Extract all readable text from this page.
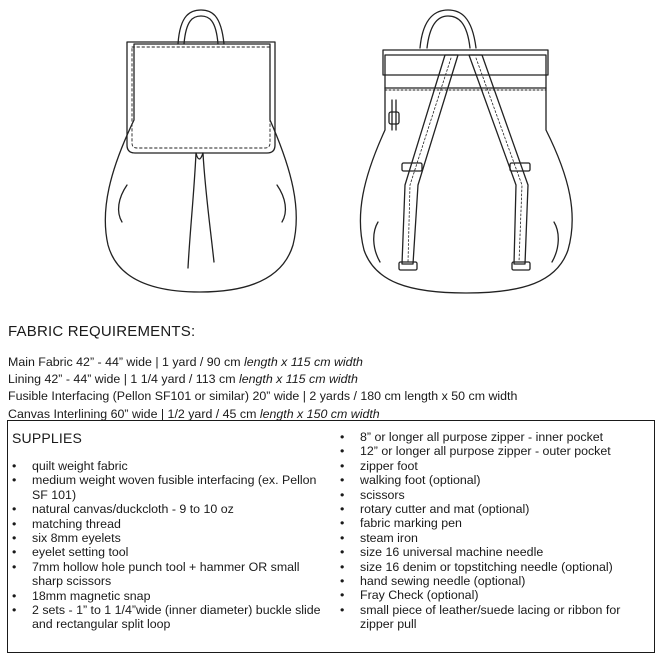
FABRIC REQUIREMENTS:
Main Fabric 42” - 44” wide | 1 yard / 90 cm length x 115 cm width
Lining 42” - 44” wide | 1 1/4 yard / 113 cm length x 115 cm width
Fusible Interfacing (Pellon SF101 or similar) 20” wide | 2 yards / 180 cm length x 50 cm width
Canvas Interlining 60” wide | 1/2 yard / 45 cm length x 150 cm width
SUPPLIES
• quilt weight fabric
• medium weight woven fusible interfacing (ex. Pellon SF 101)
• natural canvas/duckcloth - 9 to 10 oz
• matching thread
• six 8mm eyelets
• eyelet setting tool
• 7mm hollow hole punch tool + hammer OR small sharp scissors
• 18mm magnetic snap
• 2 sets - 1” to 1 1/4”wide (inner diameter) buckle slide and rectangular split loop
• 8” or longer all purpose zipper - inner pocket
• 12” or longer all purpose zipper - outer pocket
• zipper foot
• walking foot (optional)
• scissors
• rotary cutter and mat (optional)
• fabric marking pen
• steam iron
• size 16 universal machine needle
• size 16 denim or topstitching needle (optional)
• hand sewing needle (optional)
• Fray Check (optional)
• small piece of leather/suede lacing or ribbon for zipper pull
